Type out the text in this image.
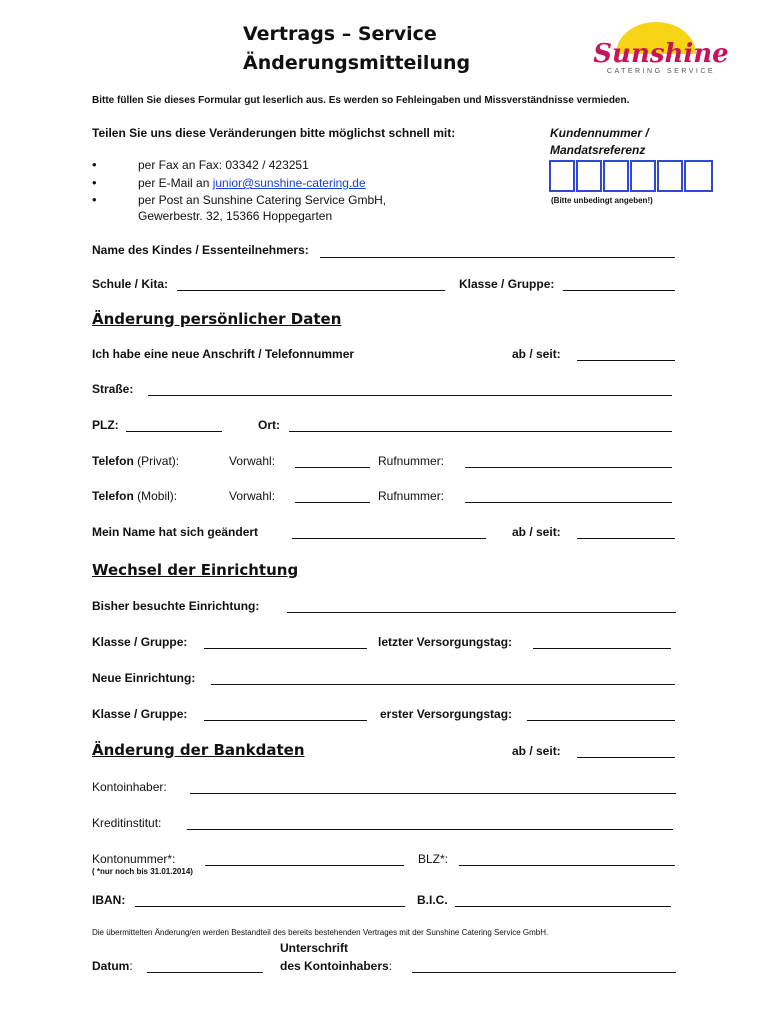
Vertrags – Service
Änderungsmitteilung	Sunshine
CATERING SERVICE
Bitte füllen Sie dieses Formular gut leserlich aus. Es werden so Fehleingaben und Missverständnisse vermieden.
Teilen Sie uns diese Veränderungen bitte möglichst schnell mit:
•	per Fax an Fax: 03342 / 423251
•	per E-Mail an junior@sunshine-catering.de
•	per Post an Sunshine Catering Service GmbH,
Gewerbestr. 32, 15366 Hoppegarten
Kundennummer /
Mandatsreferenz
(Bitte unbedingt angeben!)
Name des Kindes / Essenteilnehmers:
Schule / Kita:	Klasse / Gruppe:
Änderung persönlicher Daten
Ich habe eine neue Anschrift / Telefonnummer	ab / seit:
Straße:
PLZ:	Ort:
Telefon (Privat):	Vorwahl:	Rufnummer:
Telefon (Mobil):	Vorwahl:	Rufnummer:
Mein Name hat sich geändert	ab / seit:
Wechsel der Einrichtung
Bisher besuchte Einrichtung:
Klasse / Gruppe:	letzter Versorgungstag:
Neue Einrichtung:
Klasse / Gruppe:	erster Versorgungstag:
Änderung der Bankdaten	ab / seit:
Kontoinhaber:
Kreditinstitut:
Kontonummer*:	BLZ*:
( *nur noch bis 31.01.2014)
IBAN:	B.I.C.
Die übermittelten Änderung/en werden Bestandteil des bereits bestehenden Vertrages mit der Sunshine Catering Service GmbH.
Unterschrift
Datum:	des Kontoinhabers:
